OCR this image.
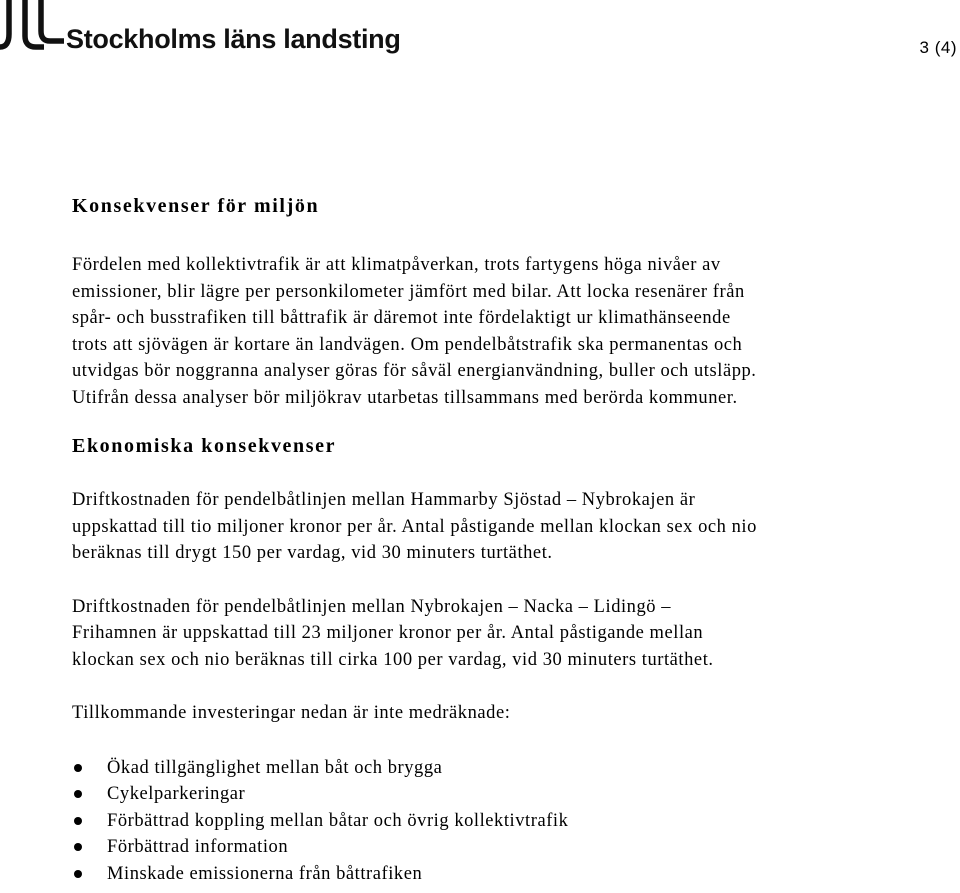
Stockholms läns landsting	3 (4)
Konsekvenser för miljön

Fördelen med kollektivtrafik är att klimatpåverkan, trots fartygens höga nivåer av
emissioner, blir lägre per personkilometer jämfört med bilar. Att locka resenärer från
spår- och busstrafiken till båttrafik är däremot inte fördelaktigt ur klimathänseende
trots att sjövägen är kortare än landvägen. Om pendelbåtstrafik ska permanentas och
utvidgas bör noggranna analyser göras för såväl energianvändning, buller och utsläpp.
Utifrån dessa analyser bör miljökrav utarbetas tillsammans med berörda kommuner.

Ekonomiska konsekvenser

Driftkostnaden för pendelbåtlinjen mellan Hammarby Sjöstad – Nybrokajen är
uppskattad till tio miljoner kronor per år. Antal påstigande mellan klockan sex och nio
beräknas till drygt 150 per vardag, vid 30 minuters turtäthet.

Driftkostnaden för pendelbåtlinjen mellan Nybrokajen – Nacka – Lidingö –
Frihamnen är uppskattad till 23 miljoner kronor per år. Antal påstigande mellan
klockan sex och nio beräknas till cirka 100 per vardag, vid 30 minuters turtäthet.

Tillkommande investeringar nedan är inte medräknade:

Ökad tillgänglighet mellan båt och brygga
Cykelparkeringar
Förbättrad koppling mellan båtar och övrig kollektivtrafik
Förbättrad information
Minskade emissionerna från båttrafiken
